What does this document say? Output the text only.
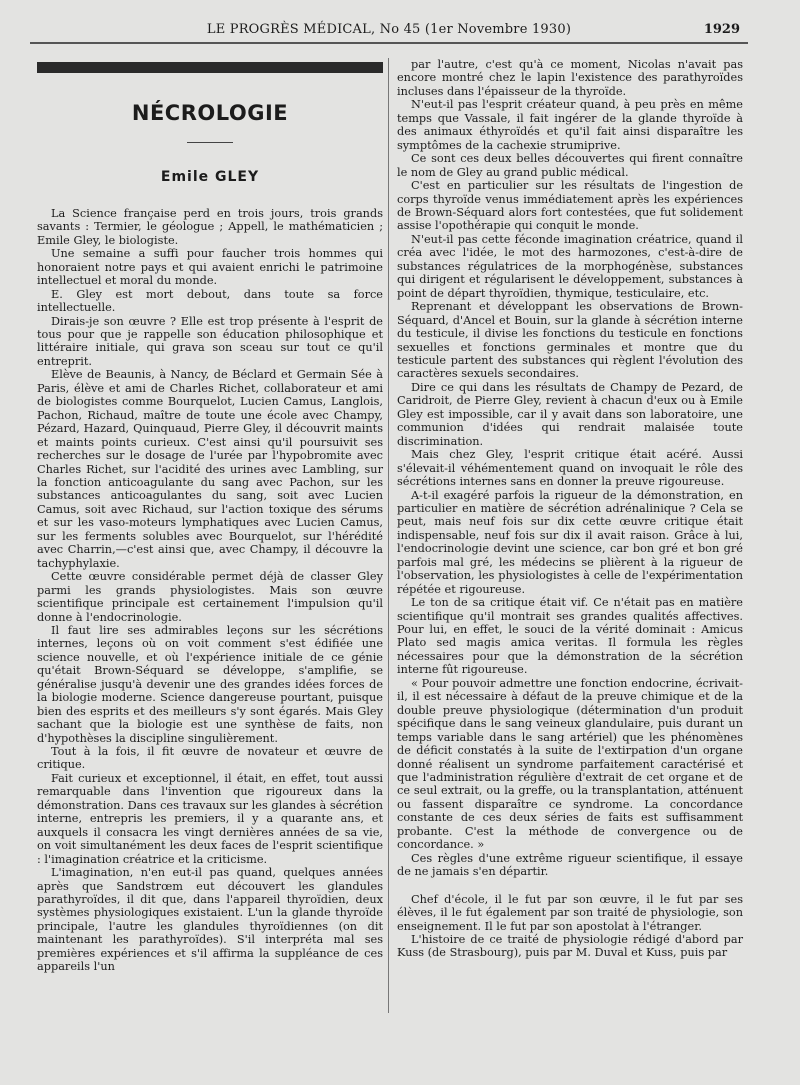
LE PROGRÈS MÉDICAL, No 45 (1er Novembre 1930)	1929
NÉCROLOGIE
Emile GLEY

La Science française perd en trois jours, trois grands savants : Termier, le géologue ; Appell, le mathématicien ; Emile Gley, le biologiste.

Une semaine a suffi pour faucher trois hommes qui honoraient notre pays et qui avaient enrichi le patrimoine intellectuel et moral du monde.

E. Gley est mort debout, dans toute sa force intellectuelle.

Dirais-je son œuvre ? Elle est trop présente à l'esprit de tous pour que je rappelle son éducation philosophique et littéraire initiale, qui grava son sceau sur tout ce qu'il entreprit.

Elève de Beaunis, à Nancy, de Béclard et Germain Sée à Paris, élève et ami de Charles Richet, collaborateur et ami de biologistes comme Bourquelot, Lucien Camus, Langlois, Pachon, Richaud, maître de toute une école avec Champy, Pézard, Hazard, Quinquaud, Pierre Gley, il découvrit maints et maints points curieux. C'est ainsi qu'il poursuivit ses recherches sur le dosage de l'urée par l'hypobromite avec Charles Richet, sur l'acidité des urines avec Lambling, sur la fonction anticoagulante du sang avec Pachon, sur les substances anticoagulantes du sang, soit avec Lucien Camus, soit avec Richaud, sur l'action toxique des sérums et sur les vaso-moteurs lymphatiques avec Lucien Camus, sur les ferments solubles avec Bourquelot, sur l'hérédité avec Charrin,—c'est ainsi que, avec Champy, il découvre la tachyphylaxie.

Cette œuvre considérable permet déjà de classer Gley parmi les grands physiologistes. Mais son œuvre scientifique principale est certainement l'impulsion qu'il donne à l'endocrinologie.

Il faut lire ses admirables leçons sur les sécrétions internes, leçons où on voit comment s'est édifiée une science nouvelle, et où l'expérience initiale de ce génie qu'était Brown-Séquard se développe, s'amplifie, se généralise jusqu'à devenir une des grandes idées forces de la biologie moderne. Science dangereuse pourtant, puisque bien des esprits et des meilleurs s'y sont égarés. Mais Gley sachant que la biologie est une synthèse de faits, non d'hypothèses la discipline singulièrement.

Tout à la fois, il fit œuvre de novateur et œuvre de critique.

Fait curieux et exceptionnel, il était, en effet, tout aussi remarquable dans l'invention que rigoureux dans la démonstration. Dans ces travaux sur les glandes à sécrétion interne, entrepris les premiers, il y a quarante ans, et auxquels il consacra les vingt dernières années de sa vie, on voit simultanément les deux faces de l'esprit scientifique : l'imagination créatrice et la criticisme.

L'imagination, n'en eut-il pas quand, quelques années après que Sandstrœm eut découvert les glandules parathyroïdes, il dit que, dans l'appareil thyroïdien, deux systèmes physiologiques existaient. L'un la glande thyroïde principale, l'autre les glandules thyroïdiennes (on dit maintenant les parathyroïdes). S'il interpréta mal ses premières expériences et s'il affirma la suppléance de ces appareils l'un

par l'autre, c'est qu'à ce moment, Nicolas n'avait pas encore montré chez le lapin l'existence des parathyroïdes incluses dans l'épaisseur de la thyroïde.

N'eut-il pas l'esprit créateur quand, à peu près en même temps que Vassale, il fait ingérer de la glande thyroïde à des animaux éthyroïdés et qu'il fait ainsi disparaître les symptômes de la cachexie strumiprive.

Ce sont ces deux belles découvertes qui firent connaître le nom de Gley au grand public médical.

C'est en particulier sur les résultats de l'ingestion de corps thyroïde venus immédiatement après les expériences de Brown-Séquard alors fort contestées, que fut solidement assise l'opothérapie qui conquit le monde.

N'eut-il pas cette féconde imagination créatrice, quand il créa avec l'idée, le mot des harmozones, c'est-à-dire de substances régulatrices de la morphogénèse, substances qui dirigent et régularisent le développement, substances à point de départ thyroïdien, thymique, testiculaire, etc.

Reprenant et développant les observations de Brown-Séquard, d'Ancel et Bouin, sur la glande à sécrétion interne du testicule, il divise les fonctions du testicule en fonctions sexuelles et fonctions germinales et montre que du testicule partent des substances qui règlent l'évolution des caractères sexuels secondaires.

Dire ce qui dans les résultats de Champy de Pezard, de Caridroit, de Pierre Gley, revient à chacun d'eux ou à Emile Gley est impossible, car il y avait dans son laboratoire, une communion d'idées qui rendrait malaisée toute discrimination.

Mais chez Gley, l'esprit critique était acéré. Aussi s'élevait-il véhémentement quand on invoquait le rôle des sécrétions internes sans en donner la preuve rigoureuse.

A-t-il exagéré parfois la rigueur de la démonstration, en particulier en matière de sécrétion adrénalinique ? Cela se peut, mais neuf fois sur dix cette œuvre critique était indispensable, neuf fois sur dix il avait raison. Grâce à lui, l'endocrinologie devint une science, car bon gré et bon gré parfois mal gré, les médecins se plièrent à la rigueur de l'observation, les physiologistes à celle de l'expérimentation répétée et rigoureuse.

Le ton de sa critique était vif. Ce n'était pas en matière scientifique qu'il montrait ses grandes qualités affectives. Pour lui, en effet, le souci de la vérité dominait : Amicus Plato sed magis amica veritas. Il formula les règles nécessaires pour que la démonstration de la sécrétion interne fût rigoureuse.

« Pour pouvoir admettre une fonction endocrine, écrivait-il, il est nécessaire à défaut de la preuve chimique et de la double preuve physiologique (détermination d'un produit spécifique dans le sang veineux glandulaire, puis durant un temps variable dans le sang artériel) que les phénomènes de déficit constatés à la suite de l'extirpation d'un organe donné réalisent un syndrome parfaitement caractérisé et que l'administration régulière d'extrait de cet organe et de ce seul extrait, ou la greffe, ou la transplantation, atténuent ou fassent disparaître ce syndrome. La concordance constante de ces deux séries de faits est suffisamment probante. C'est la méthode de convergence ou de concordance. »

Ces règles d'une extrême rigueur scientifique, il essaye de ne jamais s'en départir.

Chef d'école, il le fut par son œuvre, il le fut par ses élèves, il le fut également par son traité de physiologie, son enseignement. Il le fut par son apostolat à l'étranger.

L'histoire de ce traité de physiologie rédigé d'abord par Kuss (de Strasbourg), puis par M. Duval et Kuss, puis par
